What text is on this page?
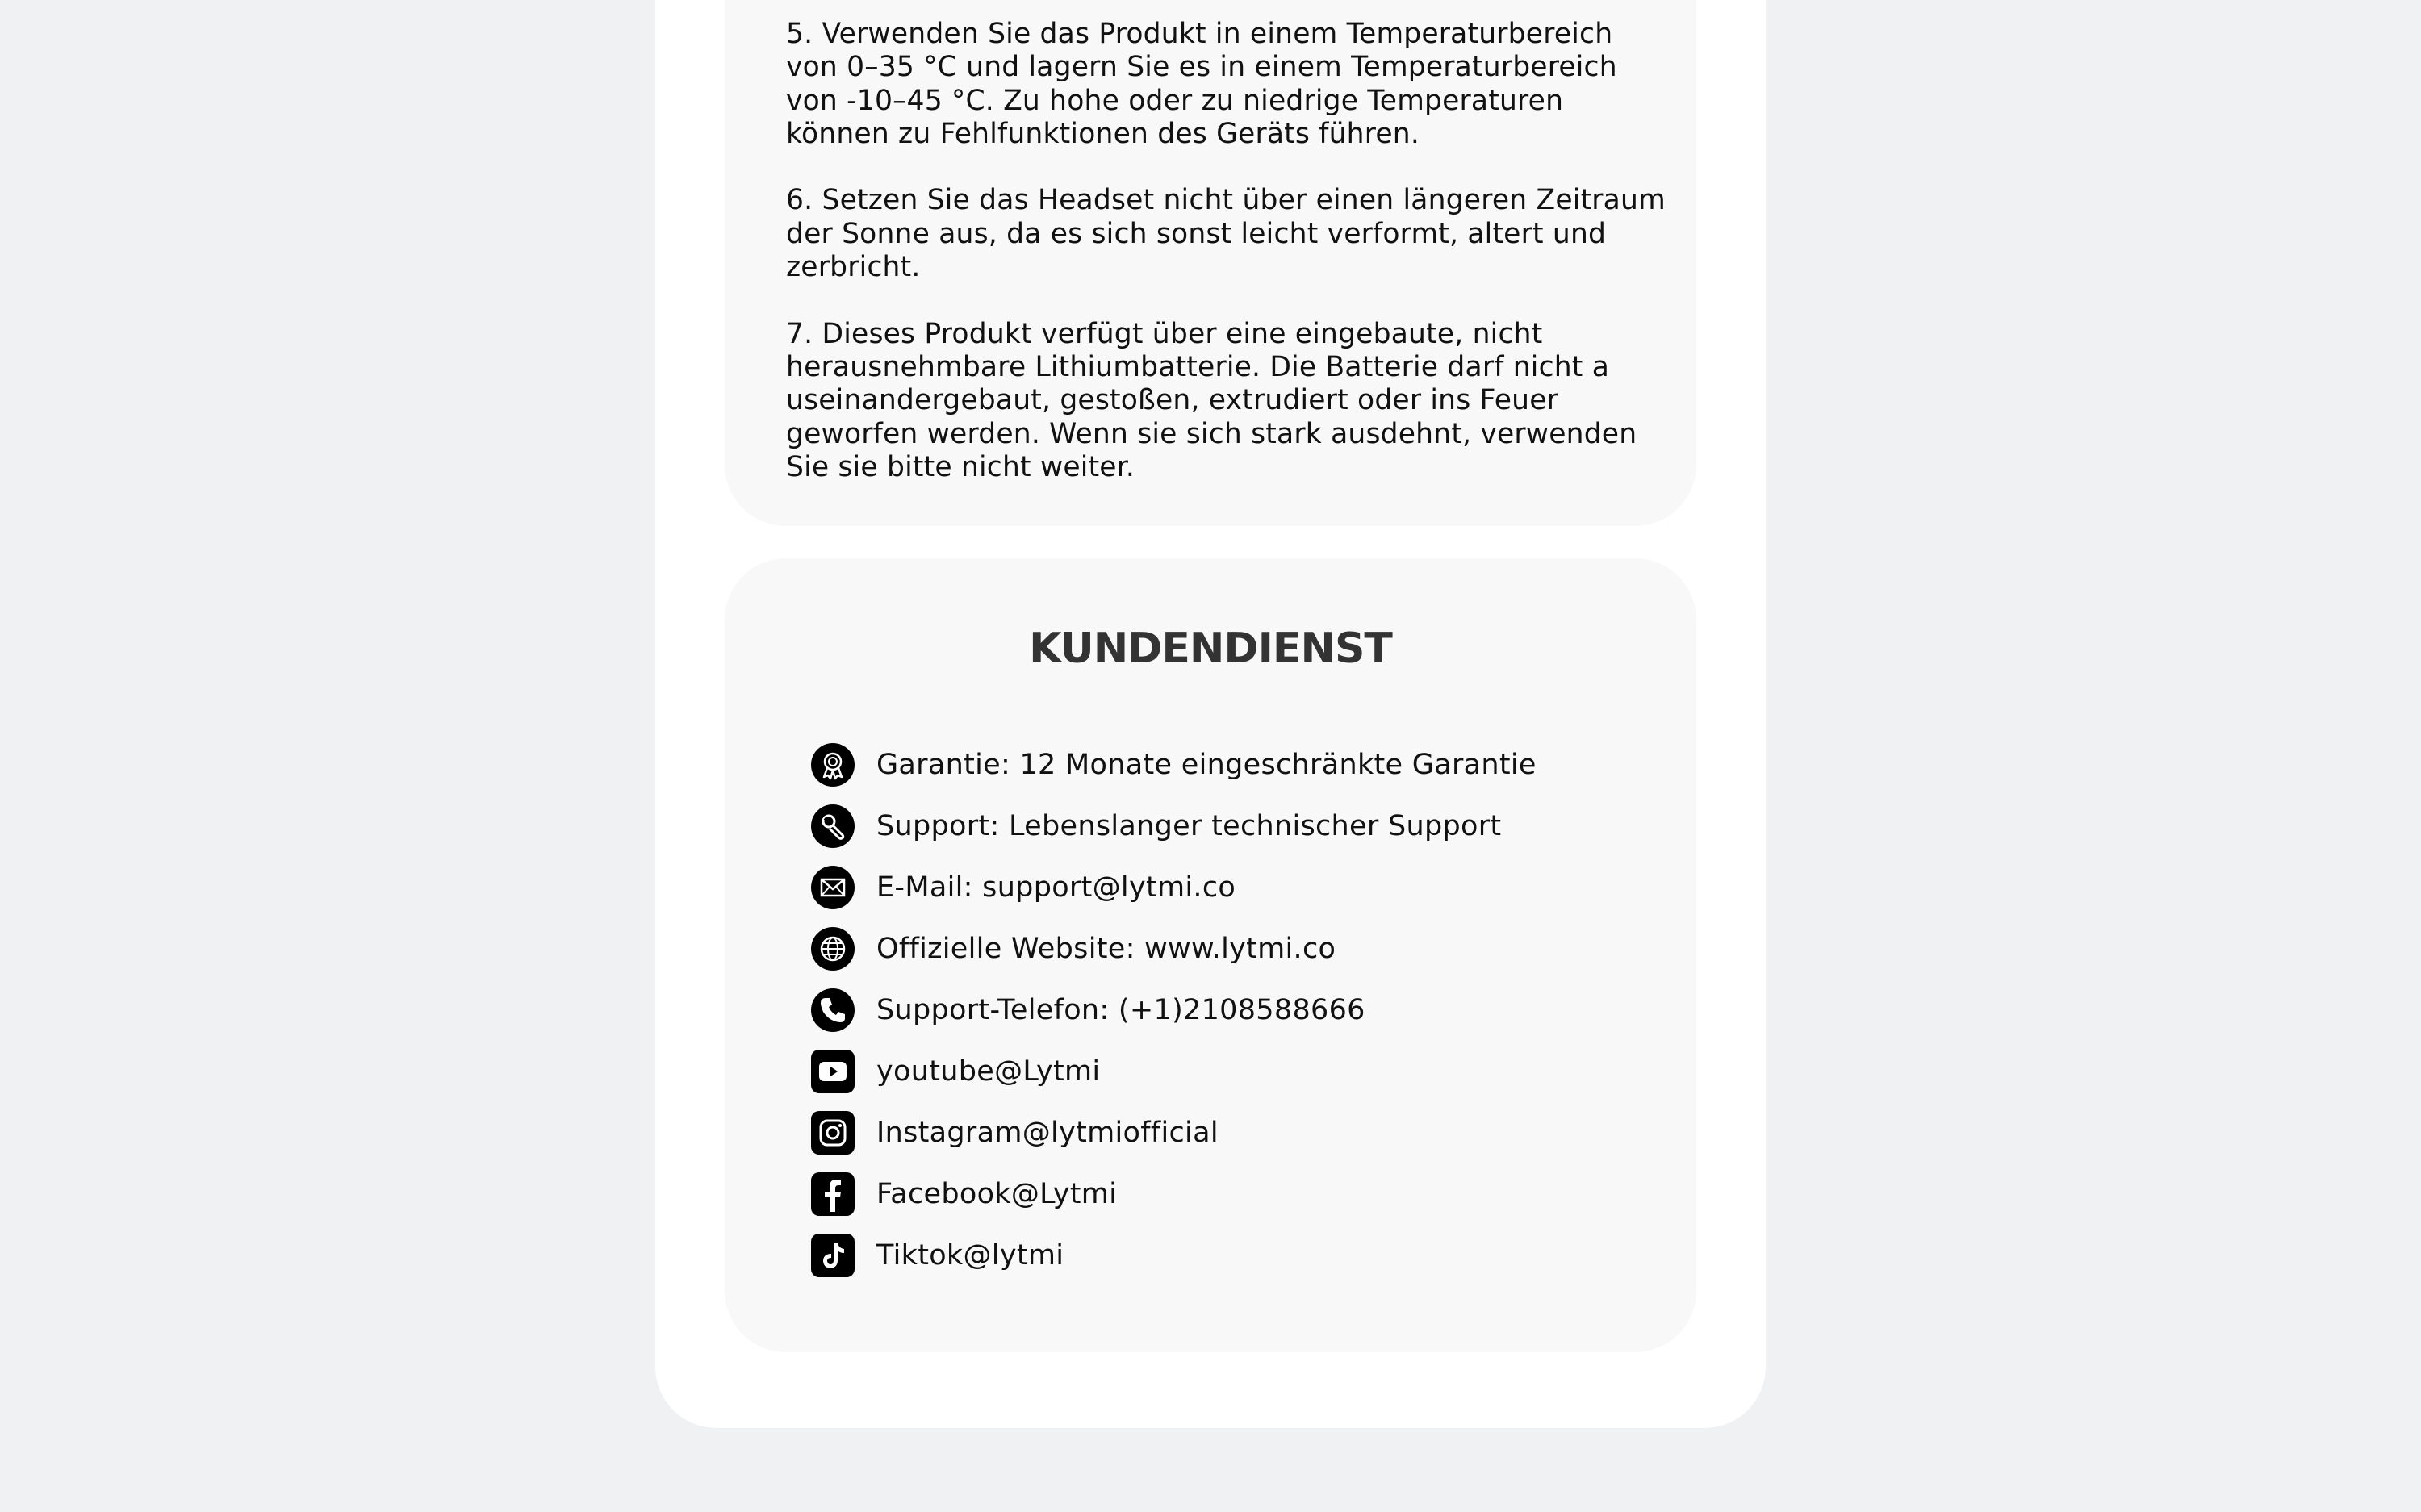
5. Verwenden Sie das Produkt in einem Temperaturbereich von 0–35 °C und lagern Sie es in einem Temperaturbereich von -10–45 °C. Zu hohe oder zu niedrige Temperaturen können zu Fehlfunktionen des Geräts führen.

6. Setzen Sie das Headset nicht über einen längeren Zeitraum der Sonne aus, da es sich sonst leicht verformt, altert und zerbricht.

7. Dieses Produkt verfügt über eine eingebaute, nicht herausnehmbare Lithiumbatterie. Die Batterie darf nicht a useinandergebaut, gestoßen, extrudiert oder ins Feuer geworfen werden. Wenn sie sich stark ausdehnt, verwenden Sie sie bitte nicht weiter.

KUNDENDIENST
Garantie: 12 Monate eingeschränkte Garantie
Support: Lebenslanger technischer Support
E-Mail: support@lytmi.co
Offizielle Website: www.lytmi.co
Support-Telefon: (+1)2108588666
youtube@Lytmi
Instagram@lytmiofficial
Facebook@Lytmi
Tiktok@lytmi
